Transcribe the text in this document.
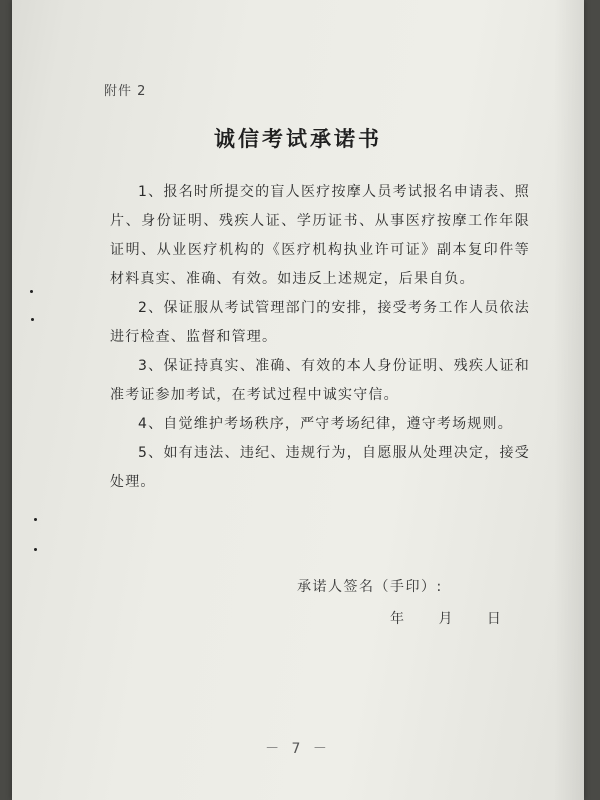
附件 2
诚信考试承诺书

1、报名时所提交的盲人医疗按摩人员考试报名申请表、照片、身份证明、残疾人证、学历证书、从事医疗按摩工作年限证明、从业医疗机构的《医疗机构执业许可证》副本复印件等材料真实、准确、有效。如违反上述规定，后果自负。

2、保证服从考试管理部门的安排，接受考务工作人员依法进行检查、监督和管理。

3、保证持真实、准确、有效的本人身份证明、残疾人证和准考证参加考试，在考试过程中诚实守信。

4、自觉维护考场秩序，严守考场纪律，遵守考场规则。

5、如有违法、违纪、违规行为，自愿服从处理决定，接受处理。

承诺人签名（手印）:
年 月 日
－ 7 －
